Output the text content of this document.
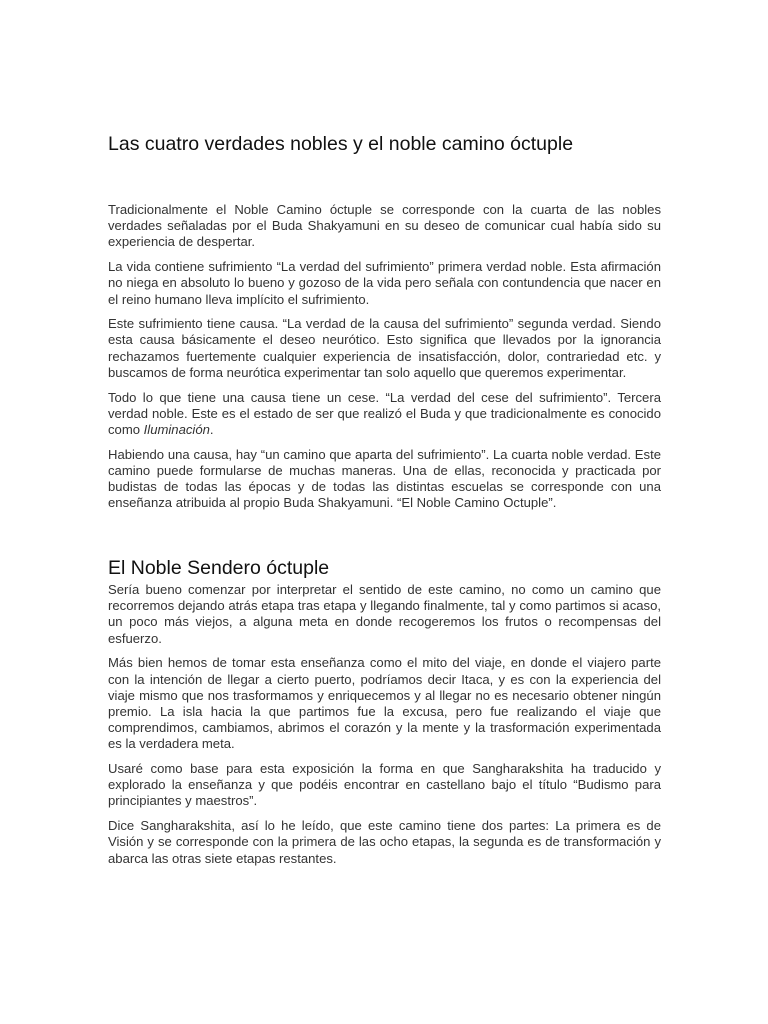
Las cuatro verdades nobles y el noble camino óctuple

Tradicionalmente el Noble Camino óctuple se corresponde con la cuarta de las nobles verdades señaladas por el Buda Shakyamuni en su deseo de comunicar cual había sido su experiencia de despertar.

La vida contiene sufrimiento “La verdad del sufrimiento” primera verdad noble. Esta afirmación no niega en absoluto lo bueno y gozoso de la vida pero señala con contundencia que nacer en el reino humano lleva implícito el sufrimiento.

Este sufrimiento tiene causa. “La verdad de la causa del sufrimiento” segunda verdad. Siendo esta causa básicamente el deseo neurótico. Esto significa que llevados por la ignorancia rechazamos fuertemente cualquier experiencia de insatisfacción, dolor, contrariedad etc. y buscamos de forma neurótica experimentar tan solo aquello que queremos experimentar.

Todo lo que tiene una causa tiene un cese. “La verdad del cese del sufrimiento”. Tercera verdad noble. Este es el estado de ser que realizó el Buda y que tradicionalmente es conocido como Iluminación.

Habiendo una causa, hay “un camino que aparta del sufrimiento”. La cuarta noble verdad. Este camino puede formularse de muchas maneras. Una de ellas, reconocida y practicada por budistas de todas las épocas y de todas las distintas escuelas se corresponde con una enseñanza atribuida al propio Buda Shakyamuni. “El Noble Camino Octuple”.

El Noble Sendero óctuple

Sería bueno comenzar por interpretar el sentido de este camino, no como un camino que recorremos dejando atrás etapa tras etapa y llegando finalmente, tal y como partimos si acaso, un poco más viejos, a alguna meta en donde recogeremos los frutos o recompensas del esfuerzo.

Más bien hemos de tomar esta enseñanza como el mito del viaje, en donde el viajero parte con la intención de llegar a cierto puerto, podríamos decir Itaca, y es con la experiencia del viaje mismo que nos trasformamos y enriquecemos y al llegar no es necesario obtener ningún premio. La isla hacia la que partimos fue la excusa, pero fue realizando el viaje que comprendimos, cambiamos, abrimos el corazón y la mente y la trasformación experimentada es la verdadera meta.

Usaré como base para esta exposición la forma en que Sangharakshita ha traducido y explorado la enseñanza y que podéis encontrar en castellano bajo el título “Budismo para principiantes y maestros”.

Dice Sangharakshita, así lo he leído, que este camino tiene dos partes: La primera es de Visión y se corresponde con la primera de las ocho etapas, la segunda es de transformación y abarca las otras siete etapas restantes.
